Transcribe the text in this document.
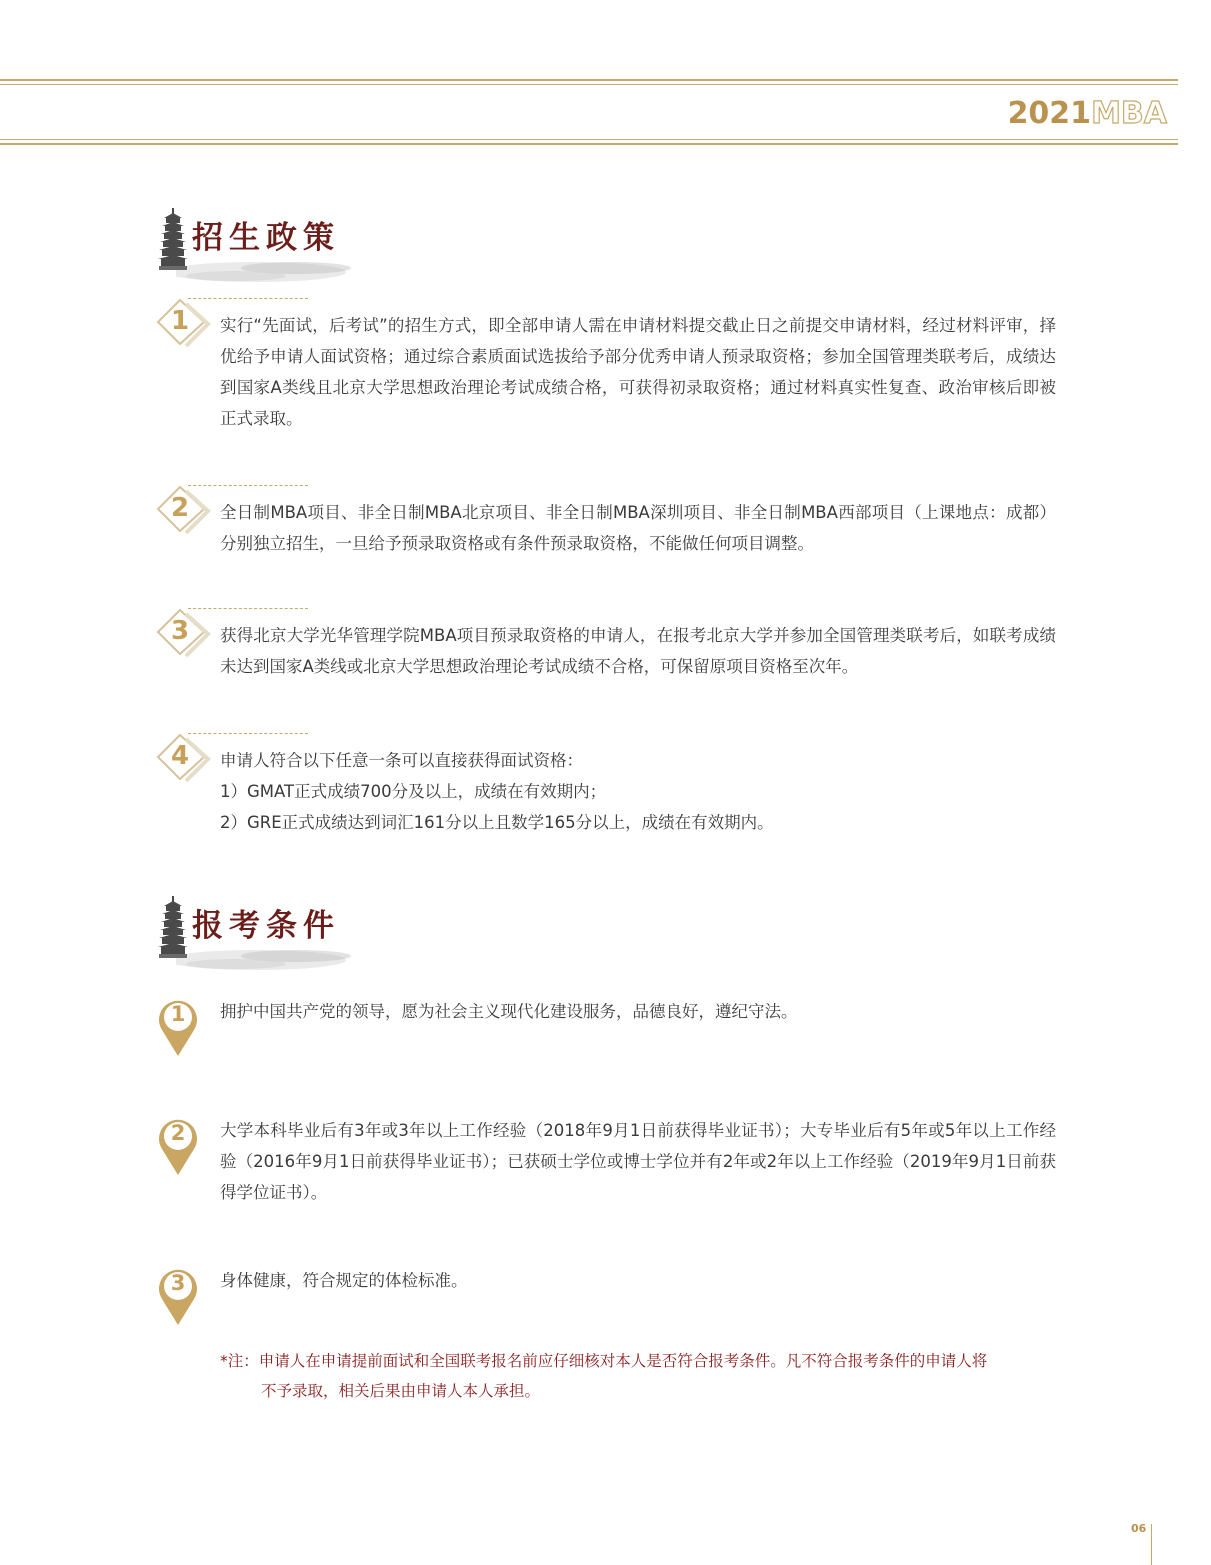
2021MBA
招生政策
1	实行“先面试，后考试”的招生方式，即全部申请人需在申请材料提交截止日之前提交申请材料，经过材料评审，择优给予申请人面试资格；通过综合素质面试选拔给予部分优秀申请人预录取资格；参加全国管理类联考后，成绩达到国家A类线且北京大学思想政治理论考试成绩合格，可获得初录取资格；通过材料真实性复查、政治审核后即被正式录取。

2	全日制MBA项目、非全日制MBA北京项目、非全日制MBA深圳项目、非全日制MBA西部项目（上课地点：成都）分别独立招生，一旦给予预录取资格或有条件预录取资格，不能做任何项目调整。

3	获得北京大学光华管理学院MBA项目预录取资格的申请人，在报考北京大学并参加全国管理类联考后，如联考成绩未达到国家A类线或北京大学思想政治理论考试成绩不合格，可保留原项目资格至次年。

4	申请人符合以下任意一条可以直接获得面试资格：

1）GMAT正式成绩700分及以上，成绩在有效期内；

2）GRE正式成绩达到词汇161分以上且数学165分以上，成绩在有效期内。

报考条件
1	拥护中国共产党的领导，愿为社会主义现代化建设服务，品德良好，遵纪守法。
2	大学本科毕业后有3年或3年以上工作经验（2018年9月1日前获得毕业证书）；大专毕业后有5年或5年以上工作经验（2016年9月1日前获得毕业证书）；已获硕士学位或博士学位并有2年或2年以上工作经验（2019年9月1日前获得学位证书）。
3	身体健康，符合规定的体检标准。
*注：申请人在申请提前面试和全国联考报名前应仔细核对本人是否符合报考条件。凡不符合报考条件的申请人将
不予录取，相关后果由申请人本人承担。
06
